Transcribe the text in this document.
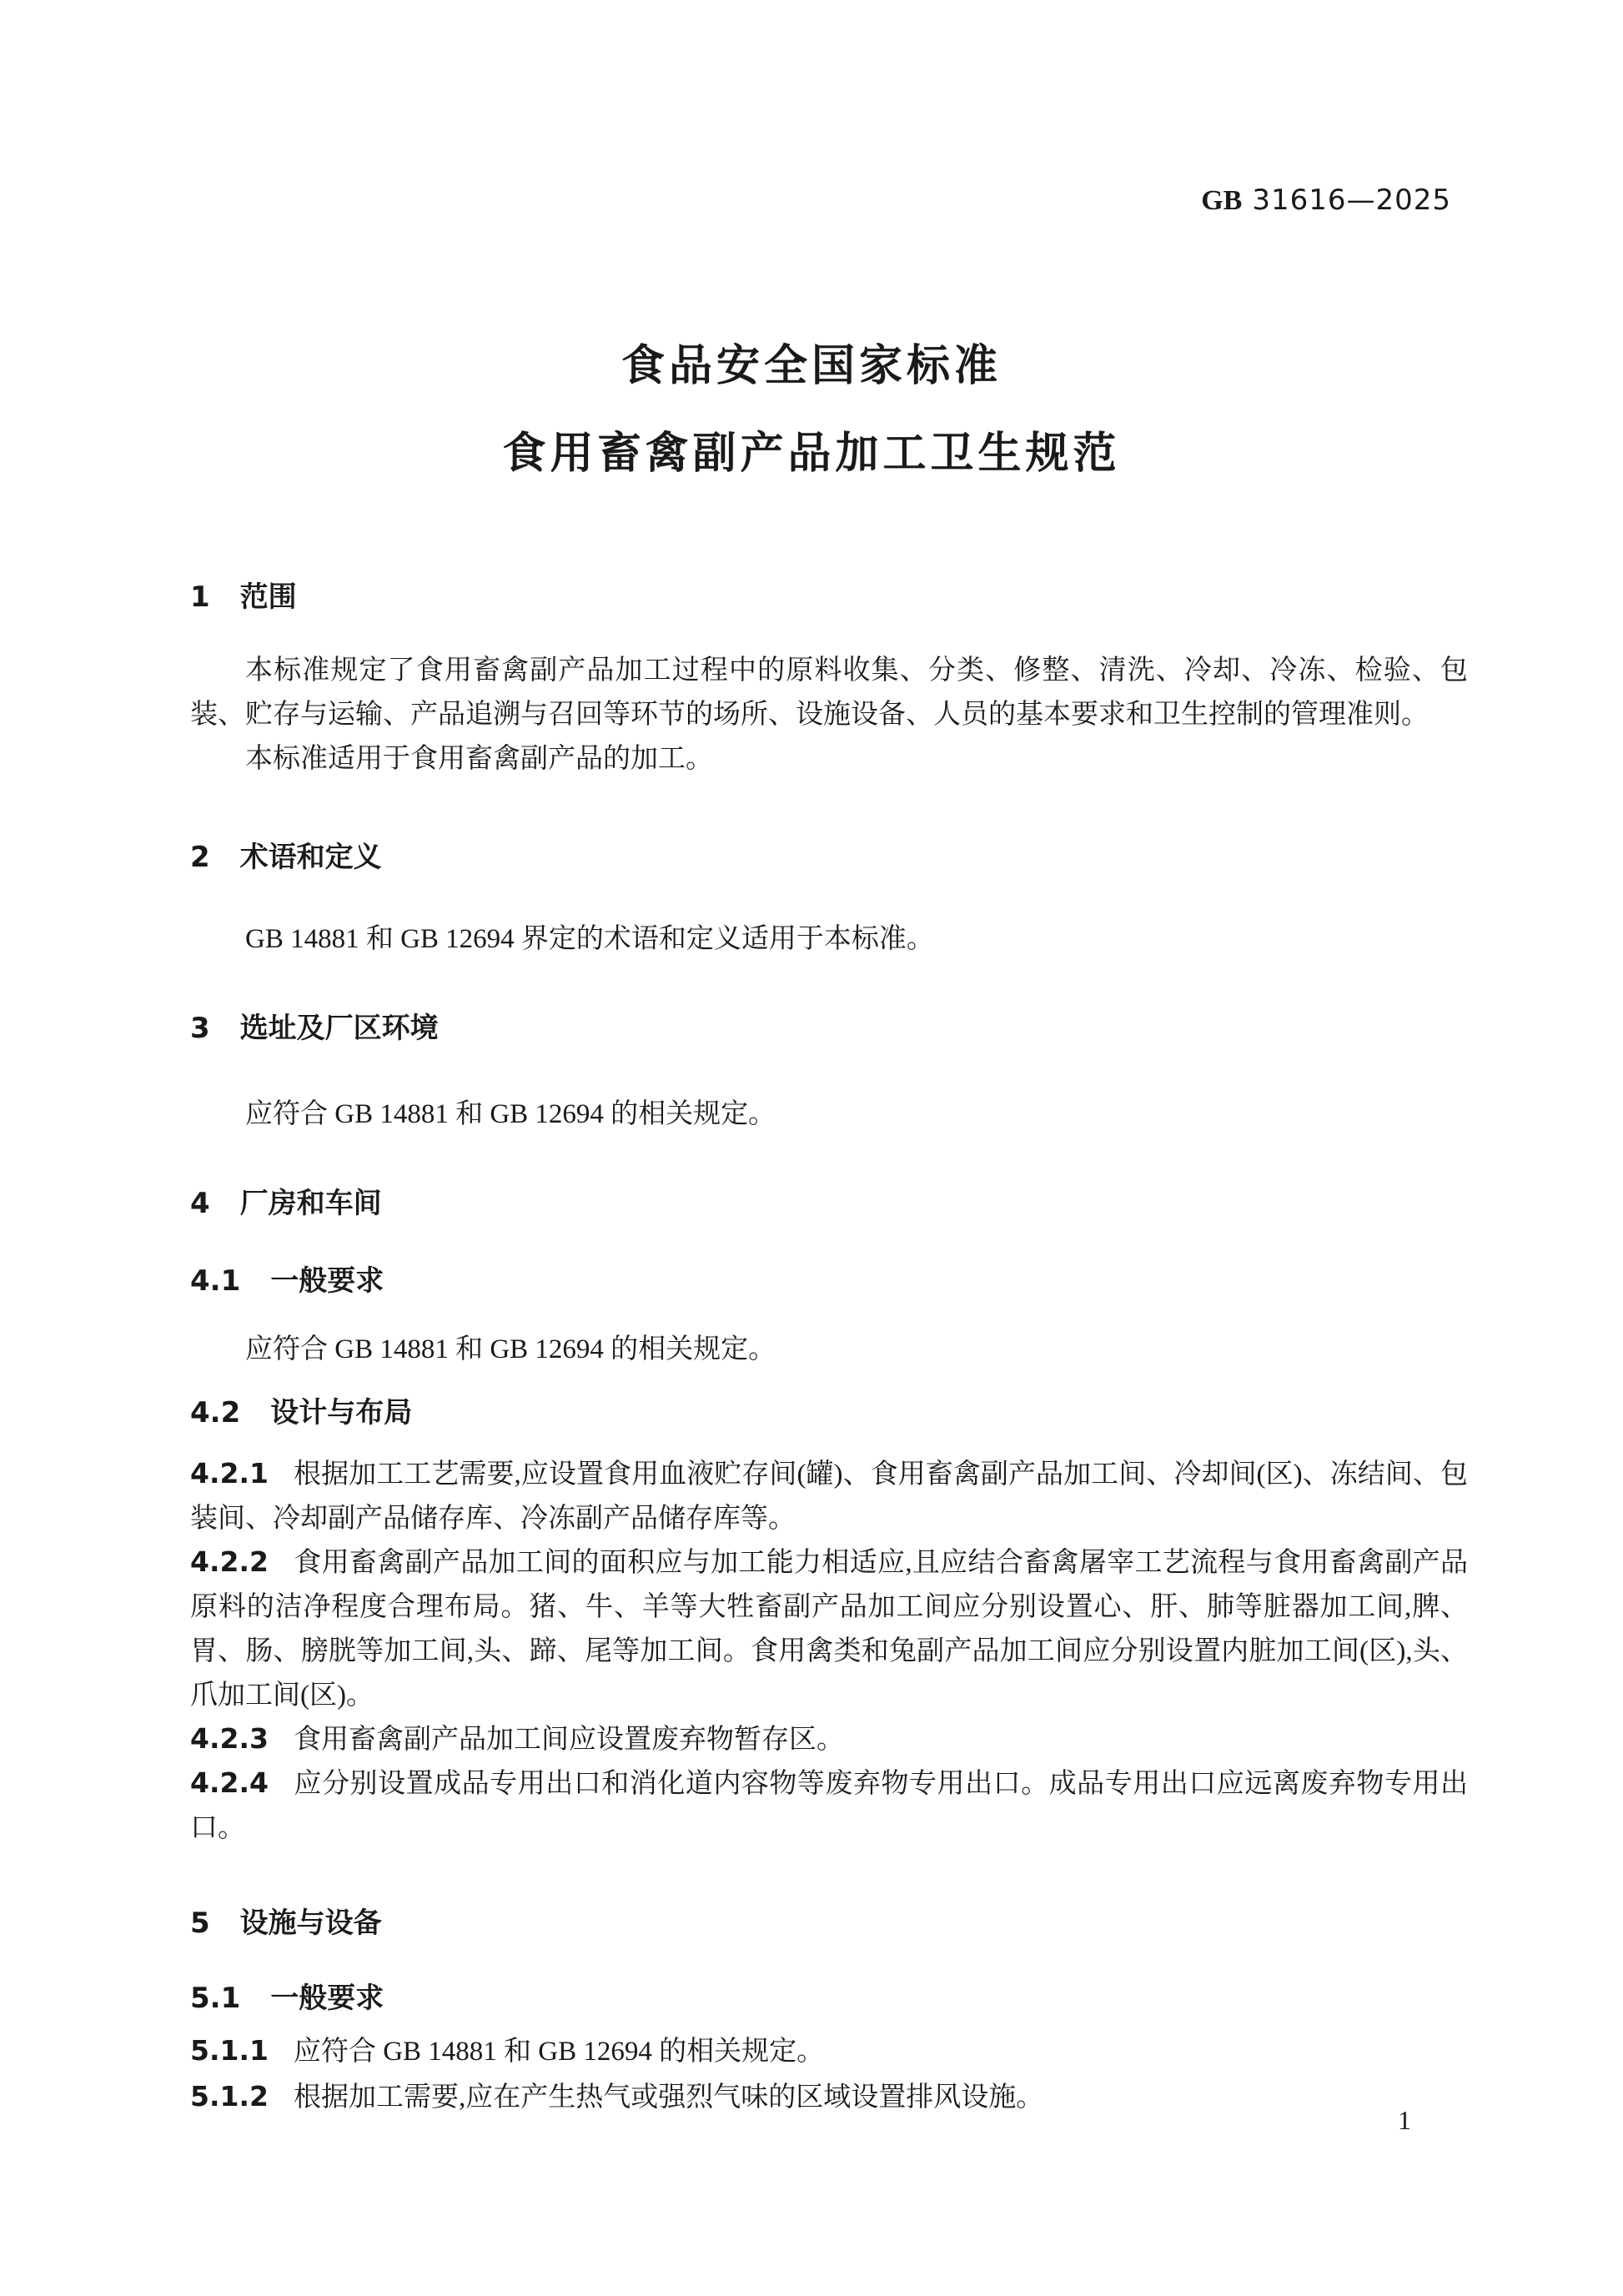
GB 31616—2025
食品安全国家标准
食用畜禽副产品加工卫生规范
1 范围

本标准规定了食用畜禽副产品加工过程中的原料收集、分类、修整、清洗、冷却、冷冻、检验、包装、贮存与运输、产品追溯与召回等环节的场所、设施设备、人员的基本要求和卫生控制的管理准则。

本标准适用于食用畜禽副产品的加工。

2 术语和定义

GB 14881 和 GB 12694 界定的术语和定义适用于本标准。

3 选址及厂区环境

应符合 GB 14881 和 GB 12694 的相关规定。

4 厂房和车间
4.1 一般要求

应符合 GB 14881 和 GB 12694 的相关规定。

4.2 设计与布局

4.2.1 根据加工工艺需要,应设置食用血液贮存间(罐)、食用畜禽副产品加工间、冷却间(区)、冻结间、包装间、冷却副产品储存库、冷冻副产品储存库等。

4.2.2 食用畜禽副产品加工间的面积应与加工能力相适应,且应结合畜禽屠宰工艺流程与食用畜禽副产品原料的洁净程度合理布局。猪、牛、羊等大牲畜副产品加工间应分别设置心、肝、肺等脏器加工间,脾、胃、肠、膀胱等加工间,头、蹄、尾等加工间。食用禽类和兔副产品加工间应分别设置内脏加工间(区),头、爪加工间(区)。

4.2.3 食用畜禽副产品加工间应设置废弃物暂存区。

4.2.4 应分别设置成品专用出口和消化道内容物等废弃物专用出口。成品专用出口应远离废弃物专用出口。

5 设施与设备
5.1 一般要求

5.1.1 应符合 GB 14881 和 GB 12694 的相关规定。

5.1.2 根据加工需要,应在产生热气或强烈气味的区域设置排风设施。

1
